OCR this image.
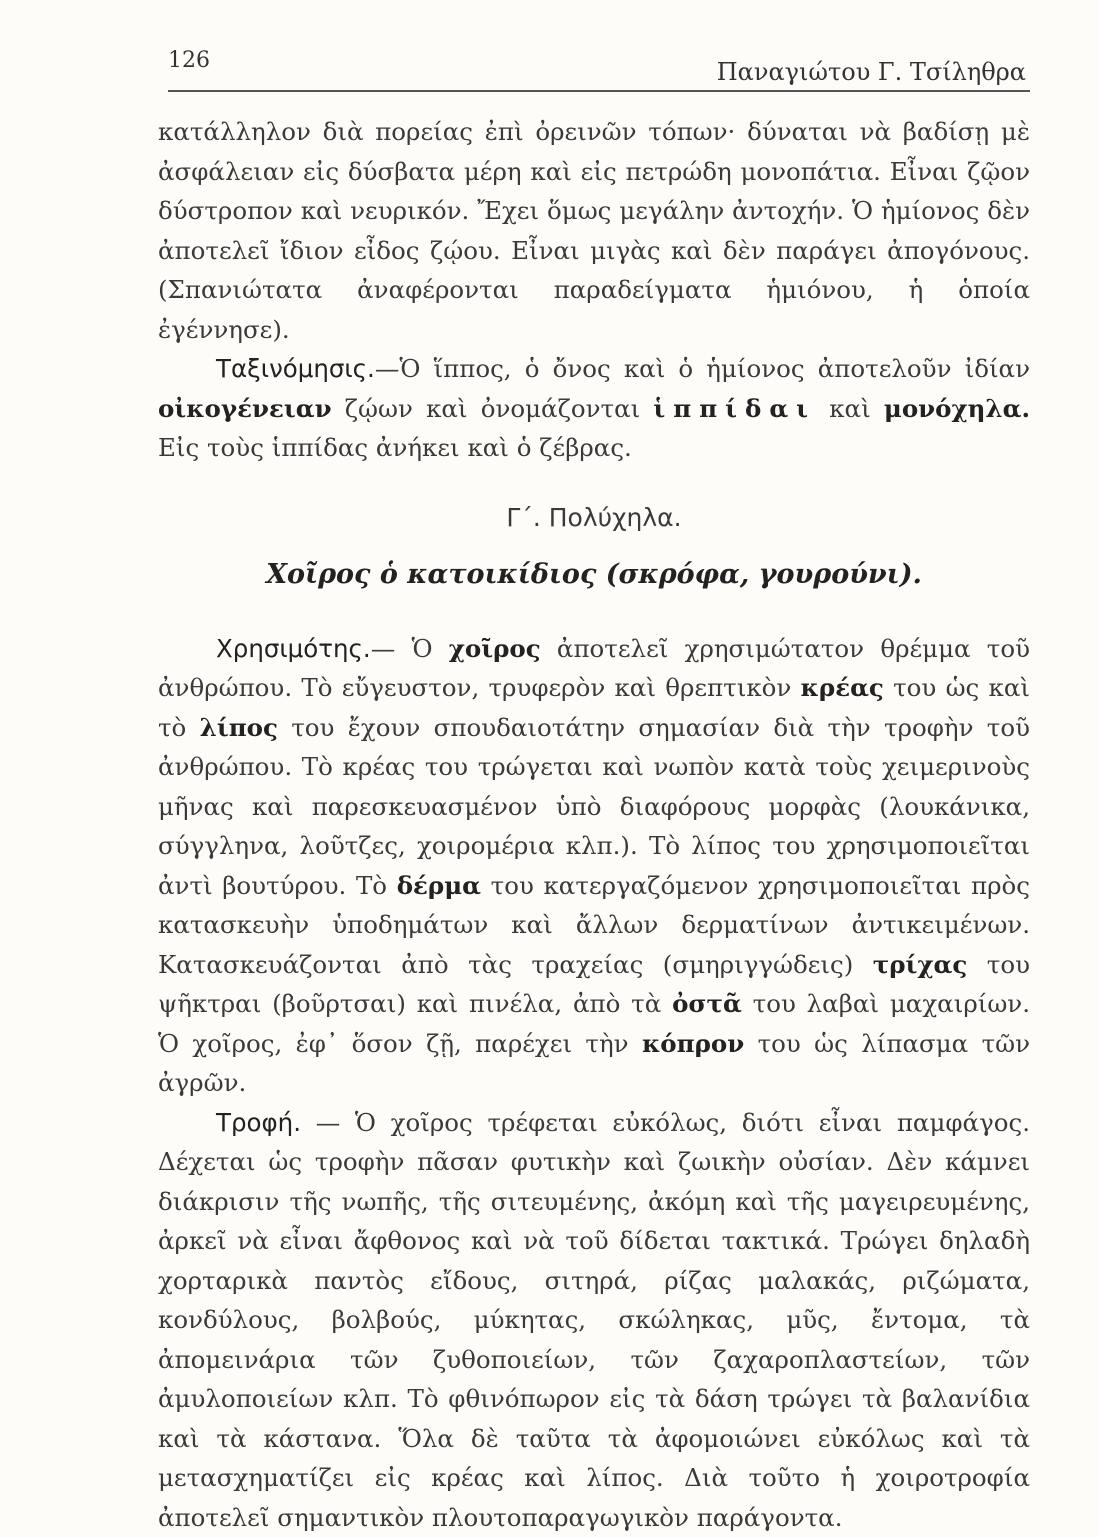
126	Παναγιώτου Γ. Τσίληθρα

κατάλληλον διὰ πορείας ἐπὶ ὀρεινῶν τόπων· δύναται νὰ βαδίσῃ μὲ ἀσφάλειαν εἰς δύσβατα μέρη καὶ εἰς πετρώδη μονοπάτια. Εἶναι ζῷον δύστροπον καὶ νευρικόν. Ἔχει ὅμως μεγάλην ἀντοχήν. Ὁ ἡμίονος δὲν ἀποτελεῖ ἴδιον εἶδος ζῴου. Εἶναι μιγὰς καὶ δὲν παράγει ἀπογόνους. (Σπανιώτατα ἀναφέρονται παραδείγματα ἡμιόνου, ἡ ὁποία ἐγέννησε).

Ταξινόμησις.—Ὁ ἵππος, ὁ ὄνος καὶ ὁ ἡμίονος ἀποτελοῦν ἰδίαν οἰκογένειαν ζῴων καὶ ὀνομάζονται ἱππίδαι καὶ μονόχηλα. Εἰς τοὺς ἱππίδας ἀνήκει καὶ ὁ ζέβρας.

Γ΄. Πολύχηλα.
Χοῖρος ὁ κατοικίδιος (σκρόφα, γουρούνι).

Χρησιμότης.— Ὁ χοῖρος ἀποτελεῖ χρησιμώτατον θρέμμα τοῦ ἀνθρώπου. Τὸ εὔγευστον, τρυφερὸν καὶ θρεπτικὸν κρέας του ὡς καὶ τὸ λίπος του ἔχουν σπουδαιοτάτην σημασίαν διὰ τὴν τροφὴν τοῦ ἀνθρώπου. Τὸ κρέας του τρώγεται καὶ νωπὸν κατὰ τοὺς χειμερινοὺς μῆνας καὶ παρεσκευασμένον ὑπὸ διαφόρους μορφὰς (λουκάνικα, σύγγληνα, λοῦτζες, χοιρομέρια κλπ.). Τὸ λίπος του χρησιμοποιεῖται ἀντὶ βουτύρου. Τὸ δέρμα του κατεργαζόμενον χρησιμοποιεῖται πρὸς κατασκευὴν ὑποδημάτων καὶ ἄλλων δερματίνων ἀντικειμένων. Κατασκευάζονται ἀπὸ τὰς τραχείας (σμηριγγώδεις) τρίχας του ψῆκτραι (βοῦρτσαι) καὶ πινέλα, ἀπὸ τὰ ὀστᾶ του λαβαὶ μαχαιρίων. Ὁ χοῖρος, ἐφ᾽ ὅσον ζῇ, παρέχει τὴν κόπρον του ὡς λίπασμα τῶν ἀγρῶν.

Τροφή. — Ὁ χοῖρος τρέφεται εὐκόλως, διότι εἶναι παμφάγος. Δέχεται ὡς τροφὴν πᾶσαν φυτικὴν καὶ ζωικὴν οὐσίαν. Δὲν κάμνει διάκρισιν τῆς νωπῆς, τῆς σιτευμένης, ἀκόμη καὶ τῆς μαγειρευμένης, ἀρκεῖ νὰ εἶναι ἄφθονος καὶ νὰ τοῦ δίδεται τακτικά. Τρώγει δηλαδὴ χορταρικὰ παντὸς εἴδους, σιτηρά, ρίζας μαλακάς, ριζώματα, κονδύλους, βολβούς, μύκητας, σκώληκας, μῦς, ἔντομα, τὰ ἀπομεινάρια τῶν ζυθοποιείων, τῶν ζαχαροπλαστείων, τῶν ἀμυλοποιείων κλπ. Τὸ φθινόπωρον εἰς τὰ δάση τρώγει τὰ βαλανίδια καὶ τὰ κάστανα. Ὅλα δὲ ταῦτα τὰ ἀφομοιώνει εὐκόλως καὶ τὰ μετασχηματίζει εἰς κρέας καὶ λίπος. Διὰ τοῦτο ἡ χοιροτροφία ἀποτελεῖ σημαντικὸν πλουτοπαραγωγικὸν παράγοντα.
